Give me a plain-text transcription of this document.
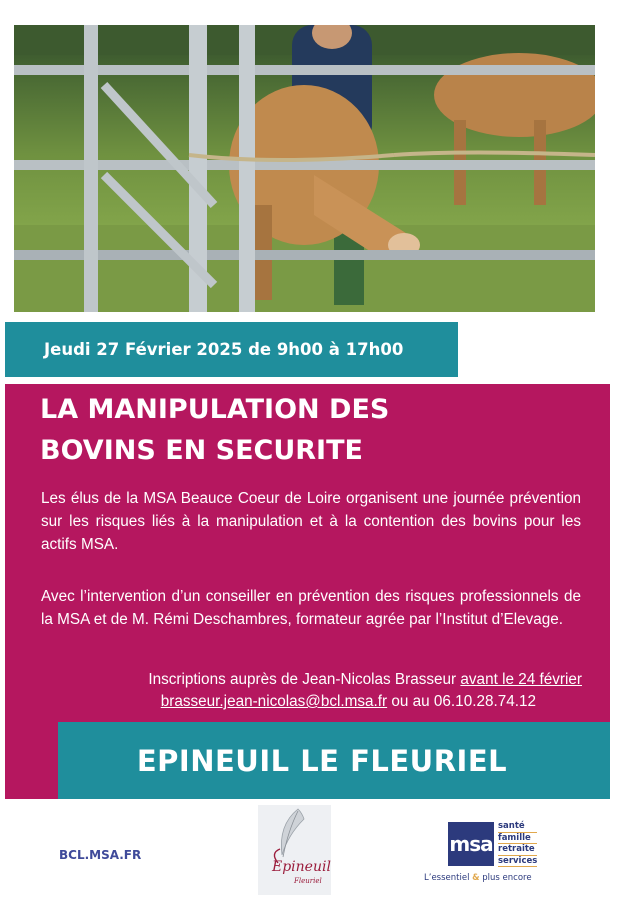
Jeudi 27 Février 2025 de 9h00 à 17h00
LA MANIPULATION DES
BOVINS EN SECURITE

Les élus de la MSA Beauce Coeur de Loire organisent une journée prévention sur les risques liés à la manipulation et à la contention des bovins pour les actifs MSA.

Avec l’intervention d’un conseiller en prévention des risques professionnels de la MSA et de M. Rémi Deschambres, formateur agrée par l’Institut d’Elevage.

Inscriptions auprès de Jean-Nicolas Brasseur avant le 24 février
brasseur.jean-nicolas@bcl.msa.fr ou au 06.10.28.74.12
EPINEUIL LE FLEURIEL
BCL.MSA.FR
Epineuil
Fleuriel
msa
santé
famille
retraite
services
L’essentiel & plus encore
